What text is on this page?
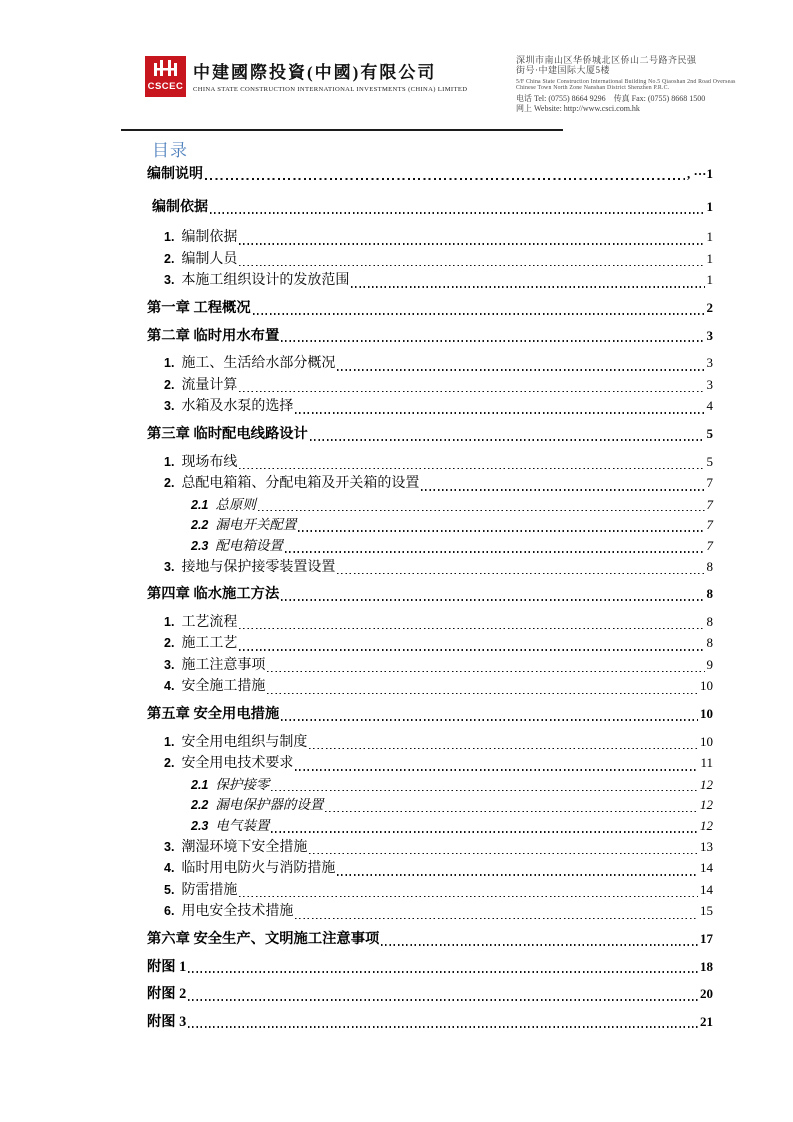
CSCEC
中建國際投資(中國)有限公司
CHINA STATE CONSTRUCTION INTERNATIONAL INVESTMENTS (CHINA) LIMITED
深圳市南山区华侨城北区侨山二号路齐民强
街号·中建国际大厦5楼
5/F China State Construction International Building No.5 Qiaoshan 2nd Road Overseas
Chinese Town North Zone Nanshan District Shenzhen P.R.C.
电话 Tel: (0755) 8664 9296　传真 Fax: (0755) 8668 1500
网上 Website: http://www.csci.com.hk
目录
编制说明	, ··· 1
编制依据	1
1. 编制依据	1
2. 编制人员	1
3. 本施工组织设计的发放范围	1
第一章 工程概况	2
第二章 临时用水布置	3
1. 施工、生活给水部分概况	3
2. 流量计算	3
3. 水箱及水泵的选择	4
第三章 临时配电线路设计	5
1. 现场布线	5
2. 总配电箱箱、分配电箱及开关箱的设置	7
2.1 总原则	7
2.2 漏电开关配置	7
2.3 配电箱设置	7
3. 接地与保护接零装置设置	8
第四章 临水施工方法	8
1. 工艺流程	8
2. 施工工艺	8
3. 施工注意事项	9
4. 安全施工措施	10
第五章 安全用电措施	10
1. 安全用电组织与制度	10
2. 安全用电技术要求	11
2.1 保护接零	12
2.2 漏电保护器的设置	12
2.3 电气装置	12
3. 潮湿环境下安全措施	13
4. 临时用电防火与消防措施	14
5. 防雷措施	14
6. 用电安全技术措施	15
第六章 安全生产、文明施工注意事项	17
附图 1	18
附图 2	20
附图 3	21
